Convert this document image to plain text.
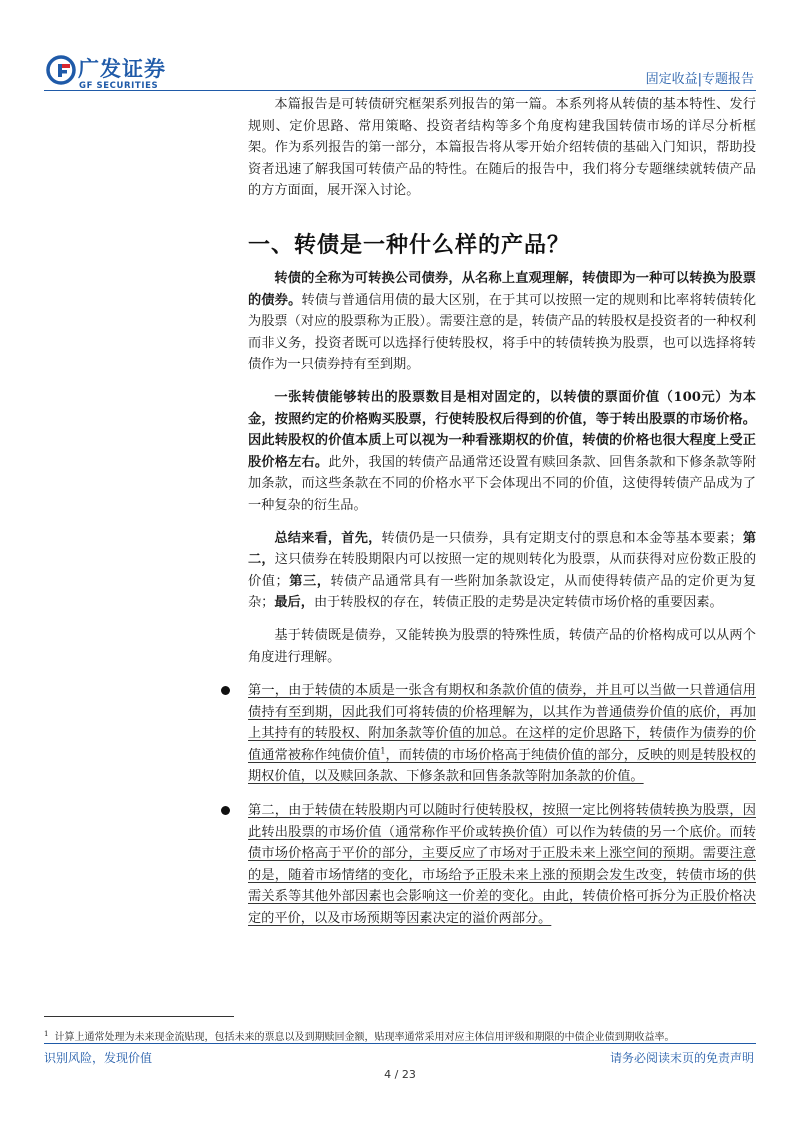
广发证券
GF SECURITIES	固定收益|专题报告

本篇报告是可转债研究框架系列报告的第一篇。本系列将从转债的基本特性、发行规则、定价思路、常用策略、投资者结构等多个角度构建我国转债市场的详尽分析框架。作为系列报告的第一部分，本篇报告将从零开始介绍转债的基础入门知识，帮助投资者迅速了解我国可转债产品的特性。在随后的报告中，我们将分专题继续就转债产品的方方面面，展开深入讨论。

一、转债是一种什么样的产品？

转债的全称为可转换公司债券，从名称上直观理解，转债即为一种可以转换为股票的债券。转债与普通信用债的最大区别，在于其可以按照一定的规则和比率将转债转化为股票（对应的股票称为正股）。需要注意的是，转债产品的转股权是投资者的一种权利而非义务，投资者既可以选择行使转股权，将手中的转债转换为股票，也可以选择将转债作为一只债券持有至到期。

一张转债能够转出的股票数目是相对固定的，以转债的票面价值（100元）为本金，按照约定的价格购买股票，行使转股权后得到的价值，等于转出股票的市场价格。因此转股权的价值本质上可以视为一种看涨期权的价值，转债的价格也很大程度上受正股价格左右。此外，我国的转债产品通常还设置有赎回条款、回售条款和下修条款等附加条款，而这些条款在不同的价格水平下会体现出不同的价值，这使得转债产品成为了一种复杂的衍生品。

总结来看，首先，转债仍是一只债券，具有定期支付的票息和本金等基本要素；第二，这只债券在转股期限内可以按照一定的规则转化为股票，从而获得对应份数正股的价值；第三，转债产品通常具有一些附加条款设定，从而使得转债产品的定价更为复杂；最后，由于转股权的存在，转债正股的走势是决定转债市场价格的重要因素。

基于转债既是债券，又能转换为股票的特殊性质，转债产品的价格构成可以从两个角度进行理解。

第一，由于转债的本质是一张含有期权和条款价值的债券，并且可以当做一只普通信用债持有至到期，因此我们可将转债的价格理解为，以其作为普通债券价值的底价，再加上其持有的转股权、附加条款等价值的加总。在这样的定价思路下，转债作为债券的价值通常被称作纯债价值$^1$，而转债的市场价格高于纯债价值的部分，反映的则是转股权的期权价值，以及赎回条款、下修条款和回售条款等附加条款的价值。

第二，由于转债在转股期内可以随时行使转股权，按照一定比例将转债转换为股票，因此转出股票的市场价值（通常称作平价或转换价值）可以作为转债的另一个底价。而转债市场价格高于平价的部分，主要反应了市场对于正股未来上涨空间的预期。需要注意的是，随着市场情绪的变化，市场给予正股未来上涨的预期会发生改变，转债市场的供需关系等其他外部因素也会影响这一价差的变化。由此，转债价格可拆分为正股价格决定的平价，以及市场预期等因素决定的溢价两部分。

$^1$ 计算上通常处理为未来现金流贴现，包括未来的票息以及到期赎回金额，贴现率通常采用对应主体信用评级和期限的中债企业债到期收益率。
识别风险，发现价值	请务必阅读末页的免责声明
4 / 23
